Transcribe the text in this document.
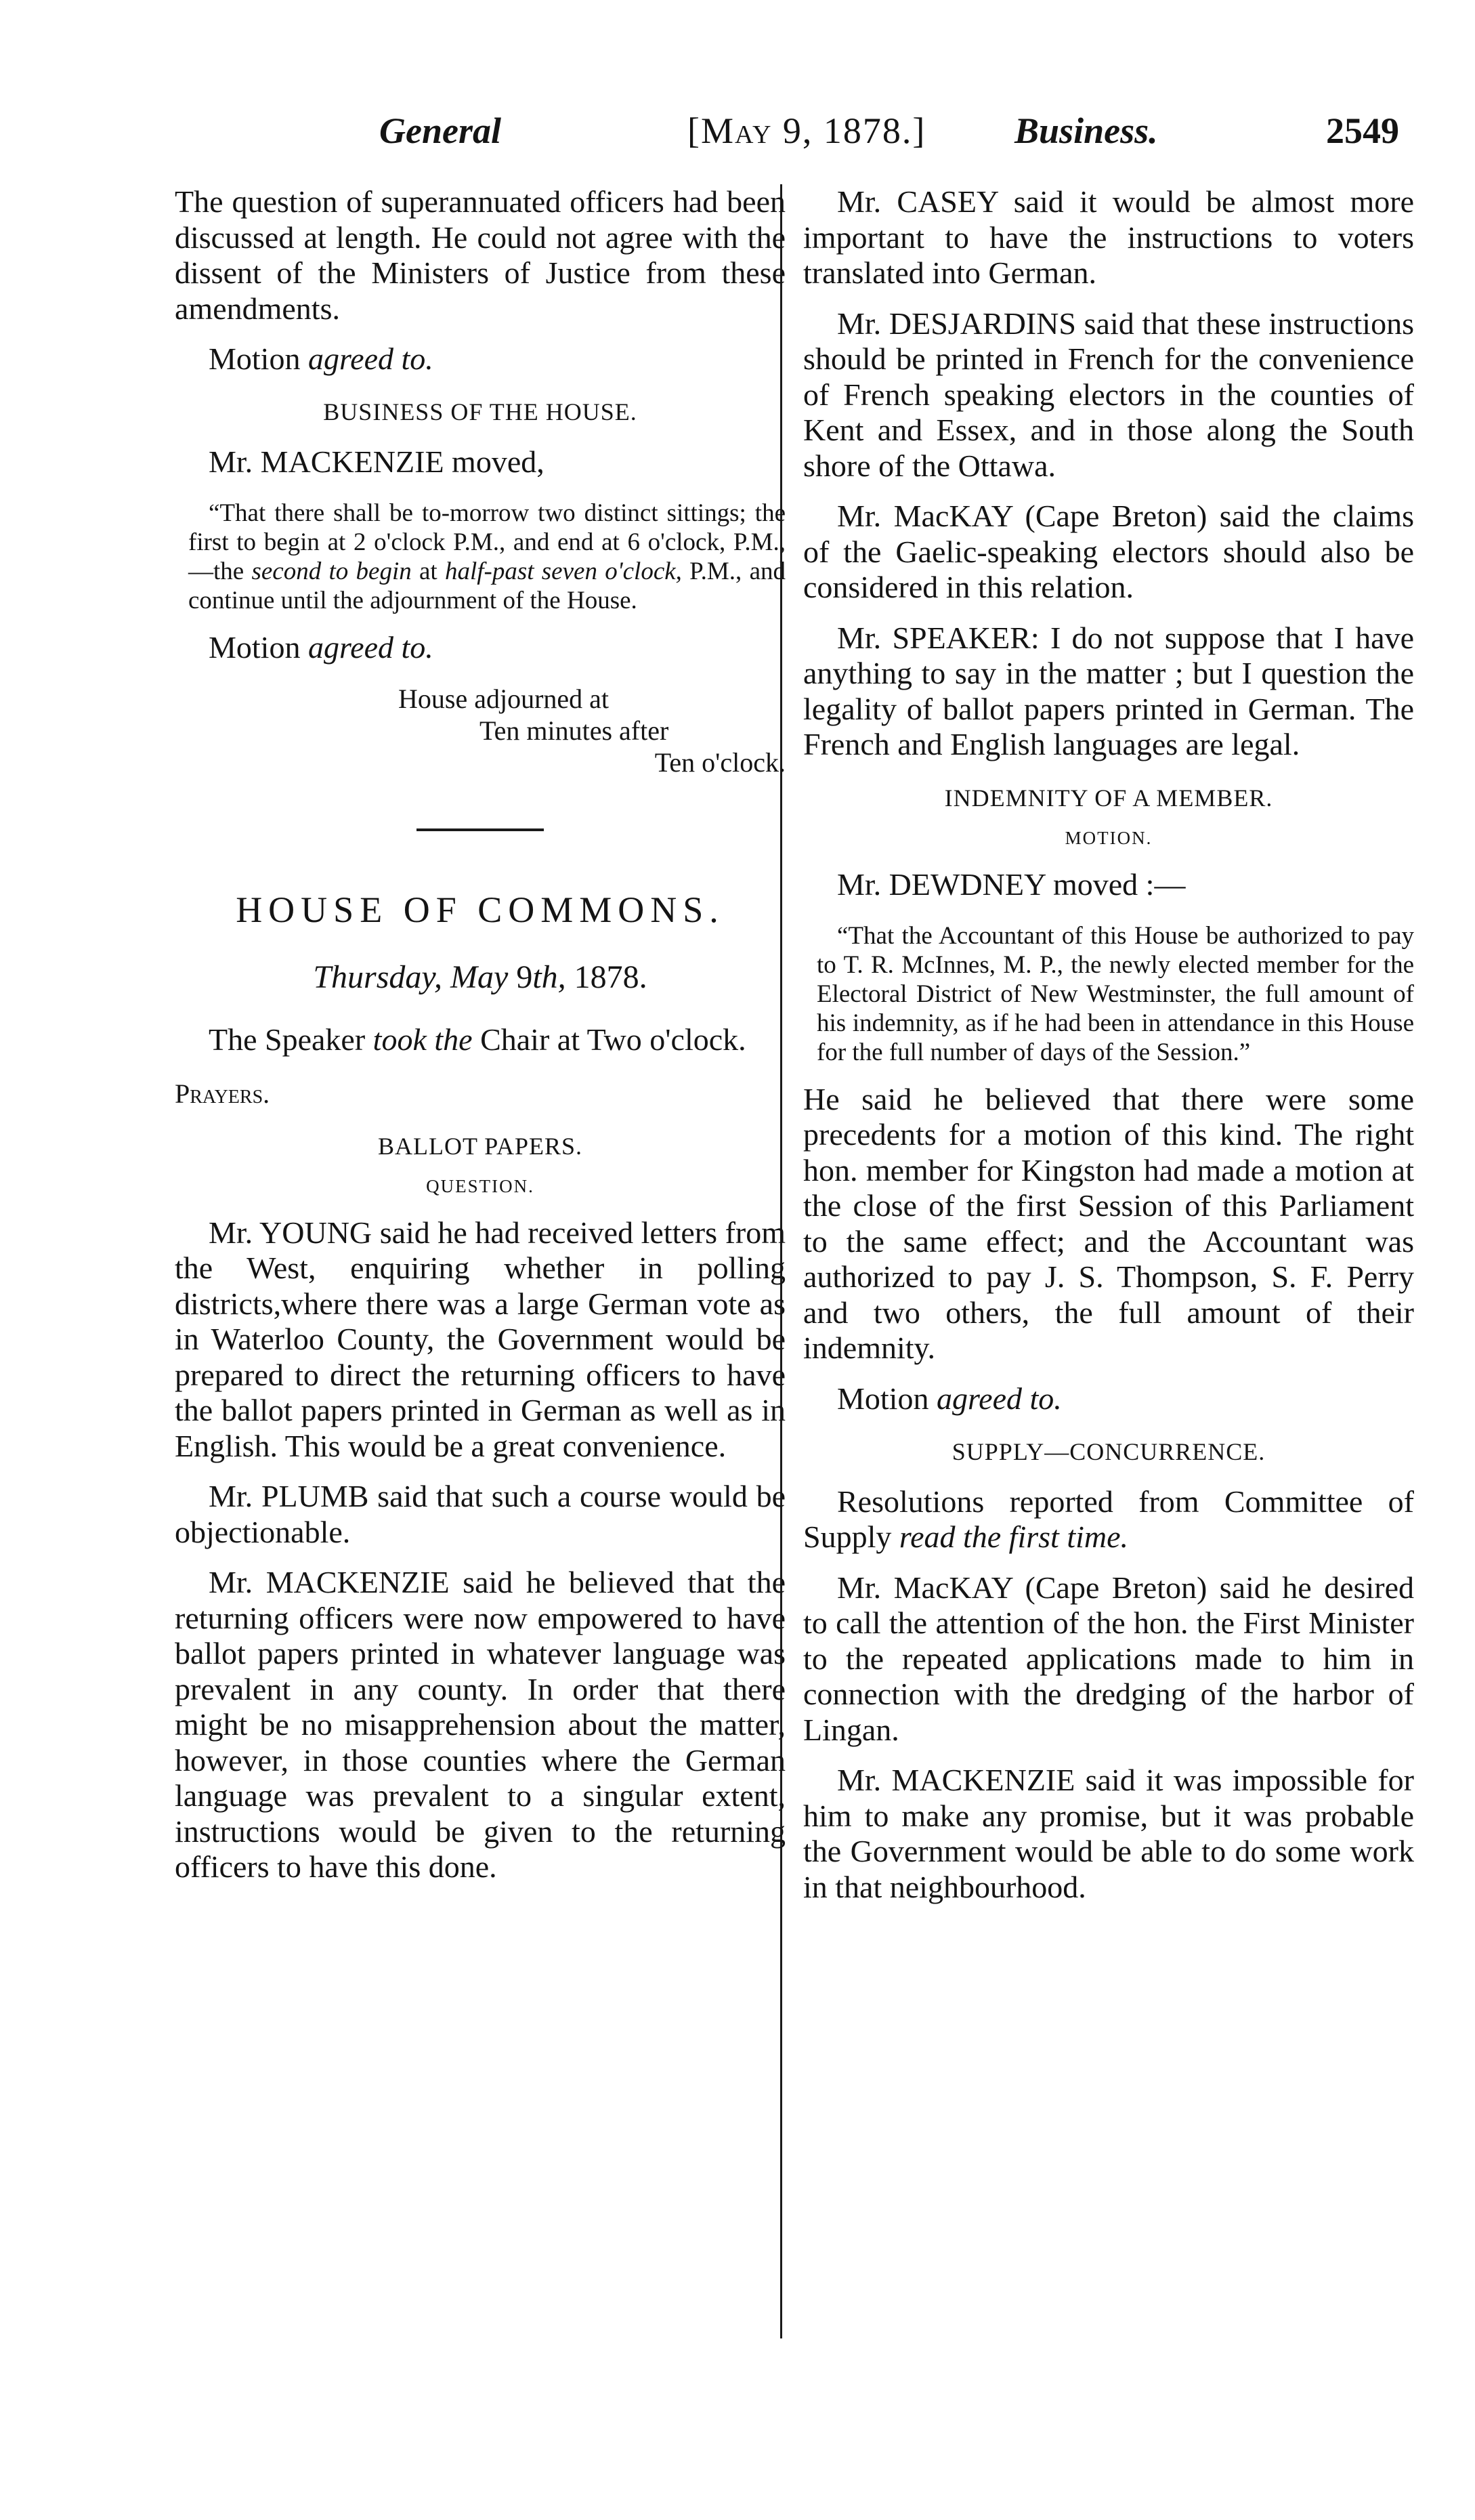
General	[May 9, 1878.] Business.	2549

The question of superannuated officers had been discussed at length. He could not agree with the dissent of the Ministers of Justice from these amendments.

Motion agreed to.

BUSINESS OF THE HOUSE.

Mr. MACKENZIE moved,

“That there shall be to-morrow two distinct sittings; the first to begin at 2 o'clock P.M., and end at 6 o'clock, P.M.,—the second to begin at half-past seven o'clock, P.M., and continue until the adjournment of the House.

Motion agreed to.

House adjourned at
Ten minutes after
Ten o'clock.
HOUSE OF COMMONS.
Thursday, May 9th, 1878.

The Speaker took the Chair at Two o'clock.

Prayers.
BALLOT PAPERS.
QUESTION.

Mr. YOUNG said he had received letters from the West, enquiring whether in polling districts,where there was a large German vote as in Waterloo County, the Government would be prepared to direct the returning officers to have the ballot papers printed in German as well as in English. This would be a great convenience.

Mr. PLUMB said that such a course would be objectionable.

Mr. MACKENZIE said he believed that the returning officers were now empowered to have ballot papers printed in whatever language was prevalent in any county. In order that there might be no misapprehension about the matter, however, in those counties where the German language was prevalent to a singular extent, instructions would be given to the returning officers to have this done.

Mr. CASEY said it would be almost more important to have the instructions to voters translated into German.

Mr. DESJARDINS said that these instructions should be printed in French for the convenience of French speaking electors in the counties of Kent and Essex, and in those along the South shore of the Ottawa.

Mr. MacKAY (Cape Breton) said the claims of the Gaelic-speaking electors should also be considered in this relation.

Mr. SPEAKER: I do not suppose that I have anything to say in the matter ; but I question the legality of ballot papers printed in German. The French and English languages are legal.

INDEMNITY OF A MEMBER.
MOTION.

Mr. DEWDNEY moved :—

“That the Accountant of this House be authorized to pay to T. R. McInnes, M. P., the newly elected member for the Electoral District of New Westminster, the full amount of his indemnity, as if he had been in attendance in this House for the full number of days of the Session.”

He said he believed that there were some precedents for a motion of this kind. The right hon. member for Kingston had made a motion at the close of the first Session of this Parliament to the same effect; and the Accountant was authorized to pay J. S. Thompson, S. F. Perry and two others, the full amount of their indemnity.

Motion agreed to.

SUPPLY—CONCURRENCE.

Resolutions reported from Committee of Supply read the first time.

Mr. MacKAY (Cape Breton) said he desired to call the attention of the hon. the First Minister to the repeated applications made to him in connection with the dredging of the harbor of Lingan.

Mr. MACKENZIE said it was impossible for him to make any promise, but it was probable the Government would be able to do some work in that neighbourhood.
